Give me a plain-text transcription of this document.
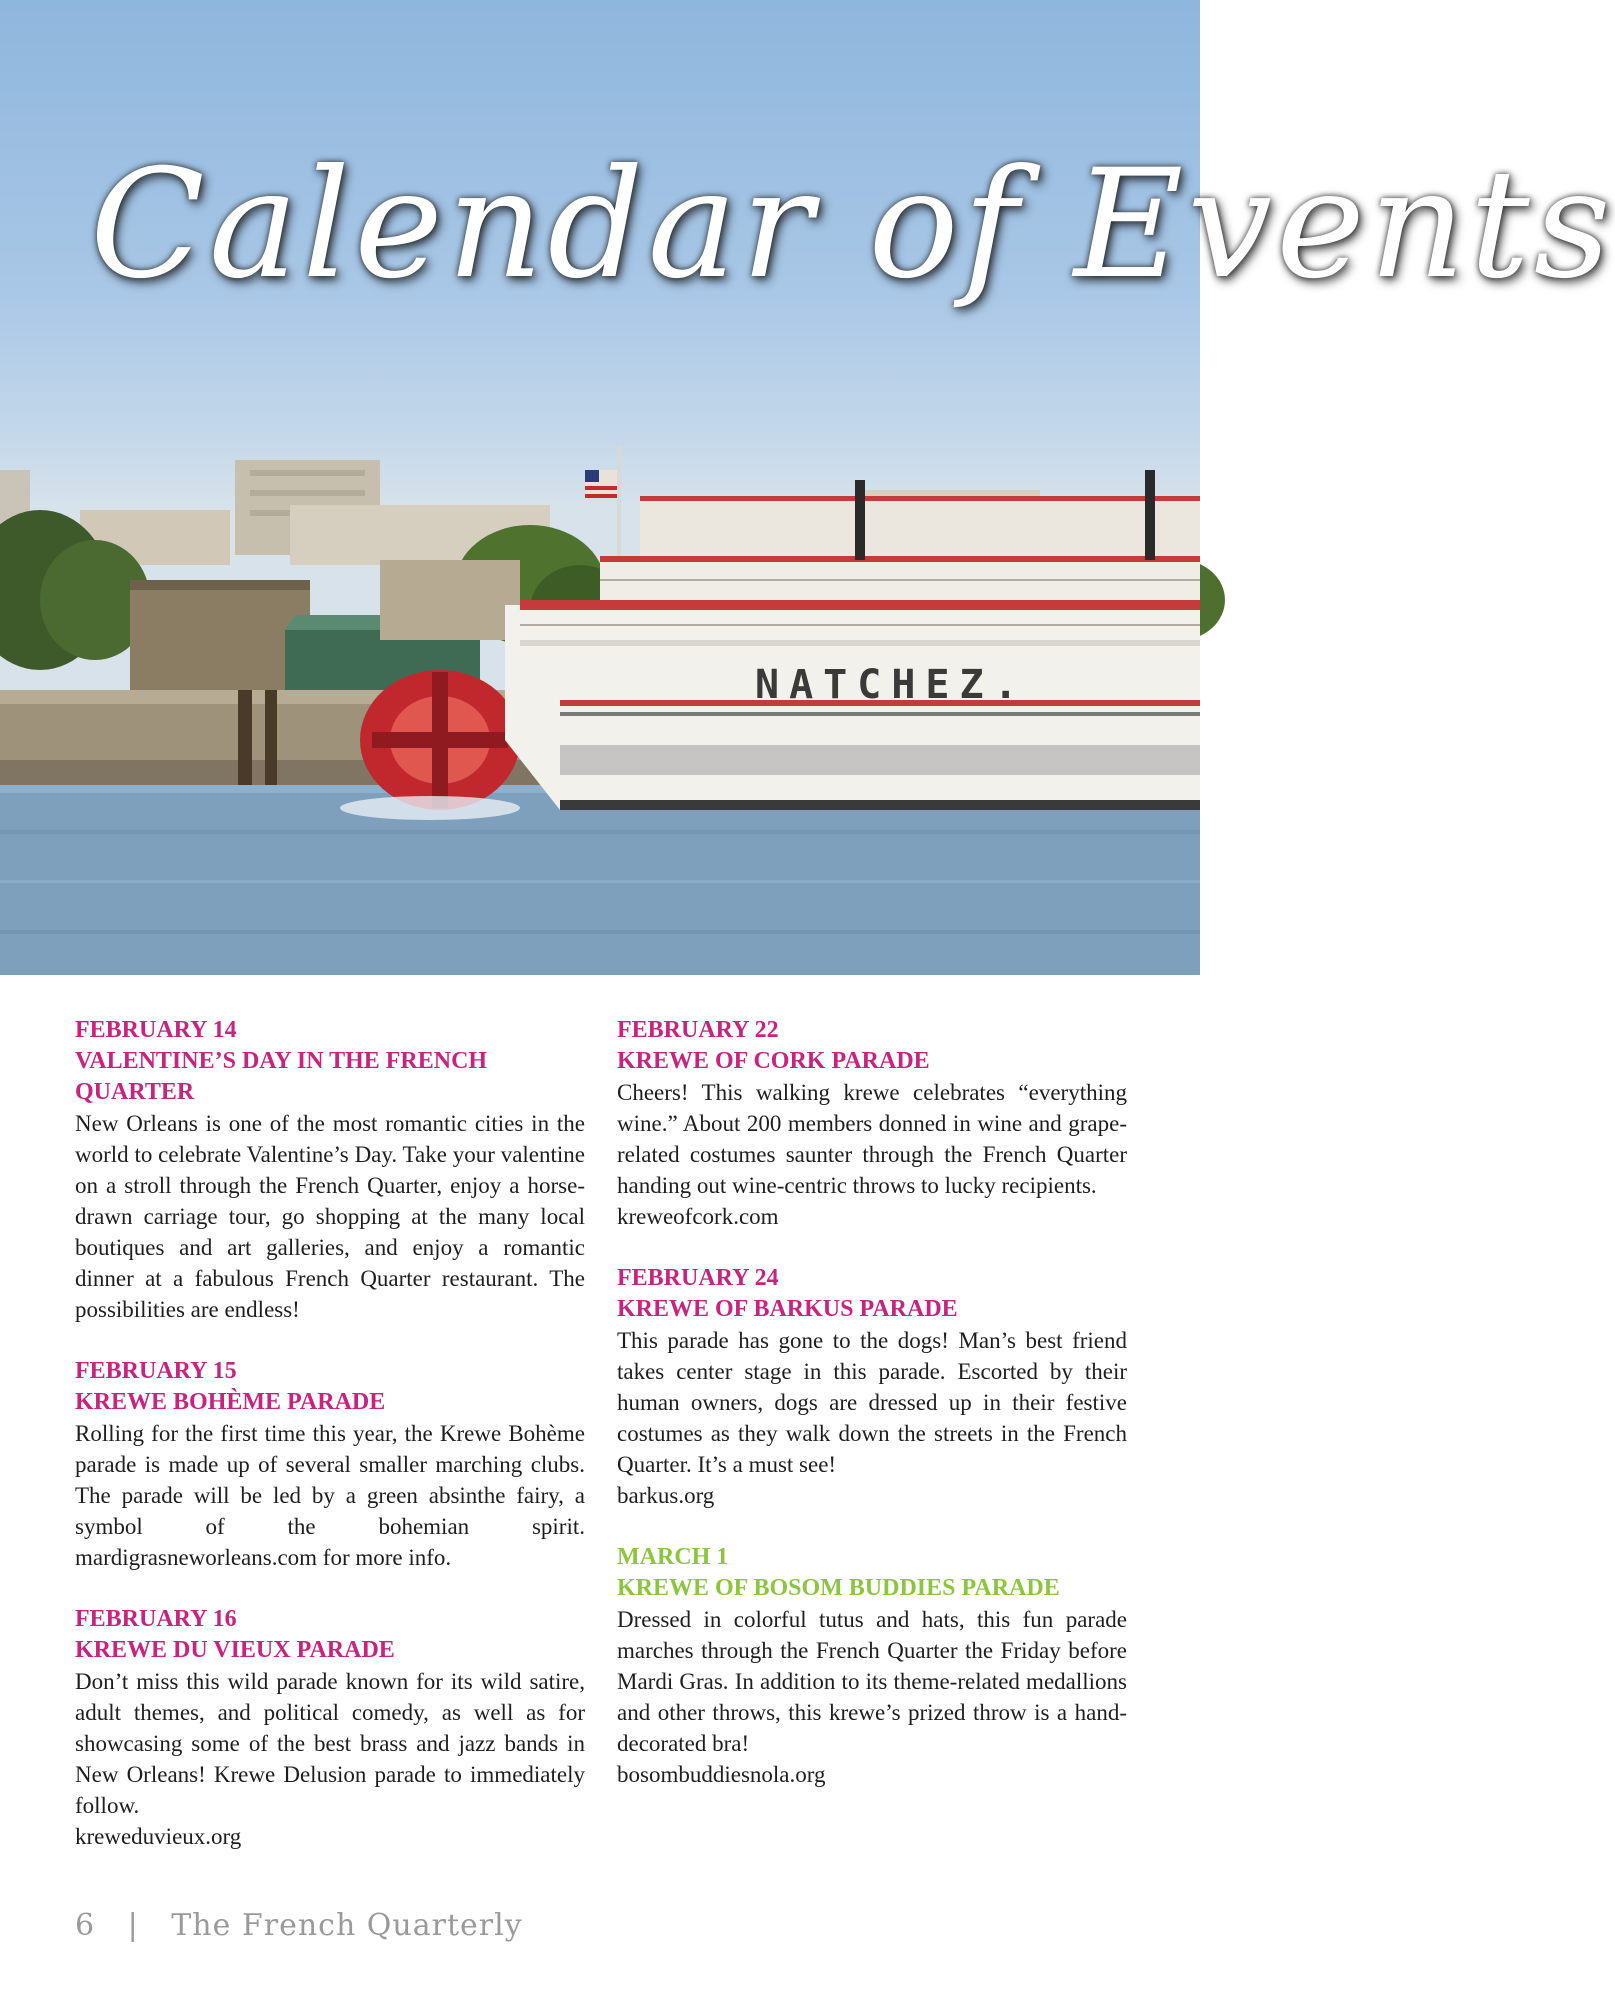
NATCHEZ.
Calendar of Events

FEBRUARY 14

VALENTINE’S DAY IN THE FRENCH QUARTER

New Orleans is one of the most romantic cities in the world to celebrate Valentine’s Day. Take your valentine on a stroll through the French Quarter, enjoy a horse-drawn carriage tour, go shopping at the many local boutiques and art galleries, and enjoy a romantic dinner at a fabulous French Quarter restaurant. The possibilities are endless!

FEBRUARY 15

KREWE BOHÈME PARADE

Rolling for the first time this year, the Krewe Bohème parade is made up of several smaller marching clubs. The parade will be led by a green absinthe fairy, a symbol of the bohemian spirit. mardigrasneworleans.com for more info.

FEBRUARY 16

KREWE DU VIEUX PARADE

Don’t miss this wild parade known for its wild satire, adult themes, and political comedy, as well as for showcasing some of the best brass and jazz bands in New Orleans! Krewe Delusion parade to immediately follow.

kreweduvieux.org

FEBRUARY 22

KREWE OF CORK PARADE

Cheers! This walking krewe celebrates “everything wine.” About 200 members donned in wine and grape-related costumes saunter through the French Quarter handing out wine-centric throws to lucky recipients.

kreweofcork.com

FEBRUARY 24

KREWE OF BARKUS PARADE

This parade has gone to the dogs! Man’s best friend takes center stage in this parade. Escorted by their human owners, dogs are dressed up in their festive costumes as they walk down the streets in the French Quarter. It’s a must see!

barkus.org

MARCH 1

KREWE OF BOSOM BUDDIES PARADE

Dressed in colorful tutus and hats, this fun parade marches through the French Quarter the Friday before Mardi Gras. In addition to its theme-related medallions and other throws, this krewe’s prized throw is a hand-decorated bra!

bosombuddiesnola.org

6 | The French Quarterly
